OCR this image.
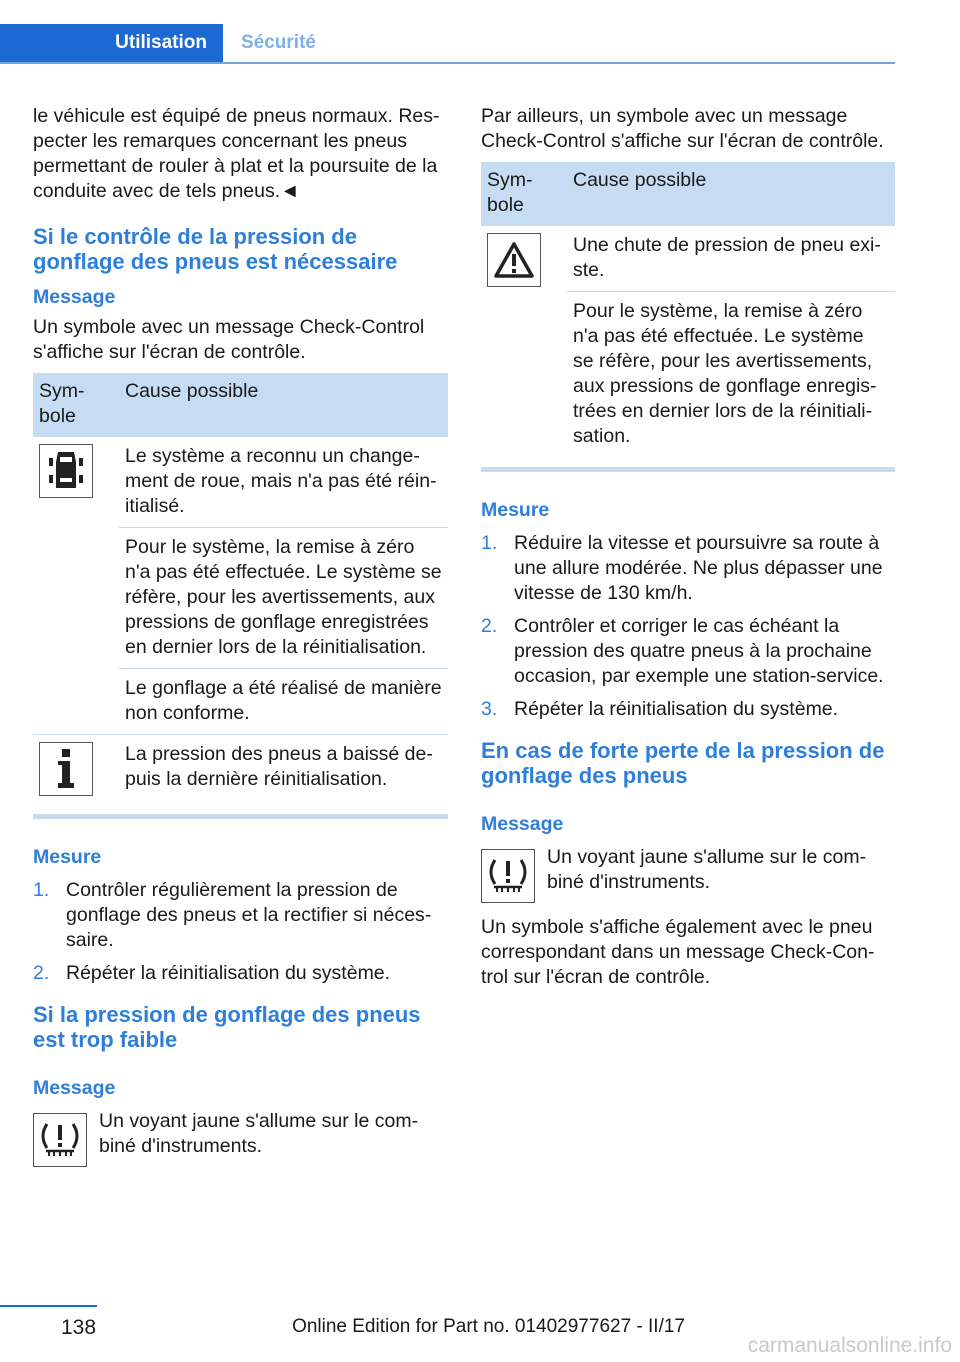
Utilisation	Sécurité

le véhicule est équipé de pneus normaux. Respecter les remarques concernant les pneus permettant de rouler à plat et la poursuite de la conduite avec de tels pneus.◄

Si le contrôle de la pression de gonflage des pneus est nécessaire
Message

Un symbole avec un message Check-Control s'affiche sur l'écran de contrôle.

Symbole	Cause possible

	Le système a reconnu un changement de roue, mais n'a pas été réinitialisé.
	Pour le système, la remise à zéro n'a pas été effectuée. Le système se réfère, pour les avertissements, aux pressions de gonflage enregistrées en dernier lors de la réinitialisation.
	Le gonflage a été réalisé de manière non conforme.

	La pression des pneus a baissé depuis la dernière réinitialisation.
Mesure
1. Contrôler régulièrement la pression de gonflage des pneus et la rectifier si nécessaire.
2. Répéter la réinitialisation du système.
Si la pression de gonflage des pneus est trop faible
Message

Un voyant jaune s'allume sur le combiné d'instruments.

Par ailleurs, un symbole avec un message Check-Control s'affiche sur l'écran de contrôle.

Symbole	Cause possible

	Une chute de pression de pneu existe.
	Pour le système, la remise à zéro n'a pas été effectuée. Le système se réfère, pour les avertissements, aux pressions de gonflage enregistrées en dernier lors de la réinitialisation.
Mesure
1. Réduire la vitesse et poursuivre sa route à une allure modérée. Ne plus dépasser une vitesse de 130 km/h.
2. Contrôler et corriger le cas échéant la pression des quatre pneus à la prochaine occasion, par exemple une station-service.
3. Répéter la réinitialisation du système.
En cas de forte perte de la pression de gonflage des pneus
Message

Un voyant jaune s'allume sur le combiné d'instruments.

Un symbole s'affiche également avec le pneu correspondant dans un message Check-Control sur l'écran de contrôle.

138	Online Edition for Part no. 01402977627 - II/17
carmanualsonline.info
